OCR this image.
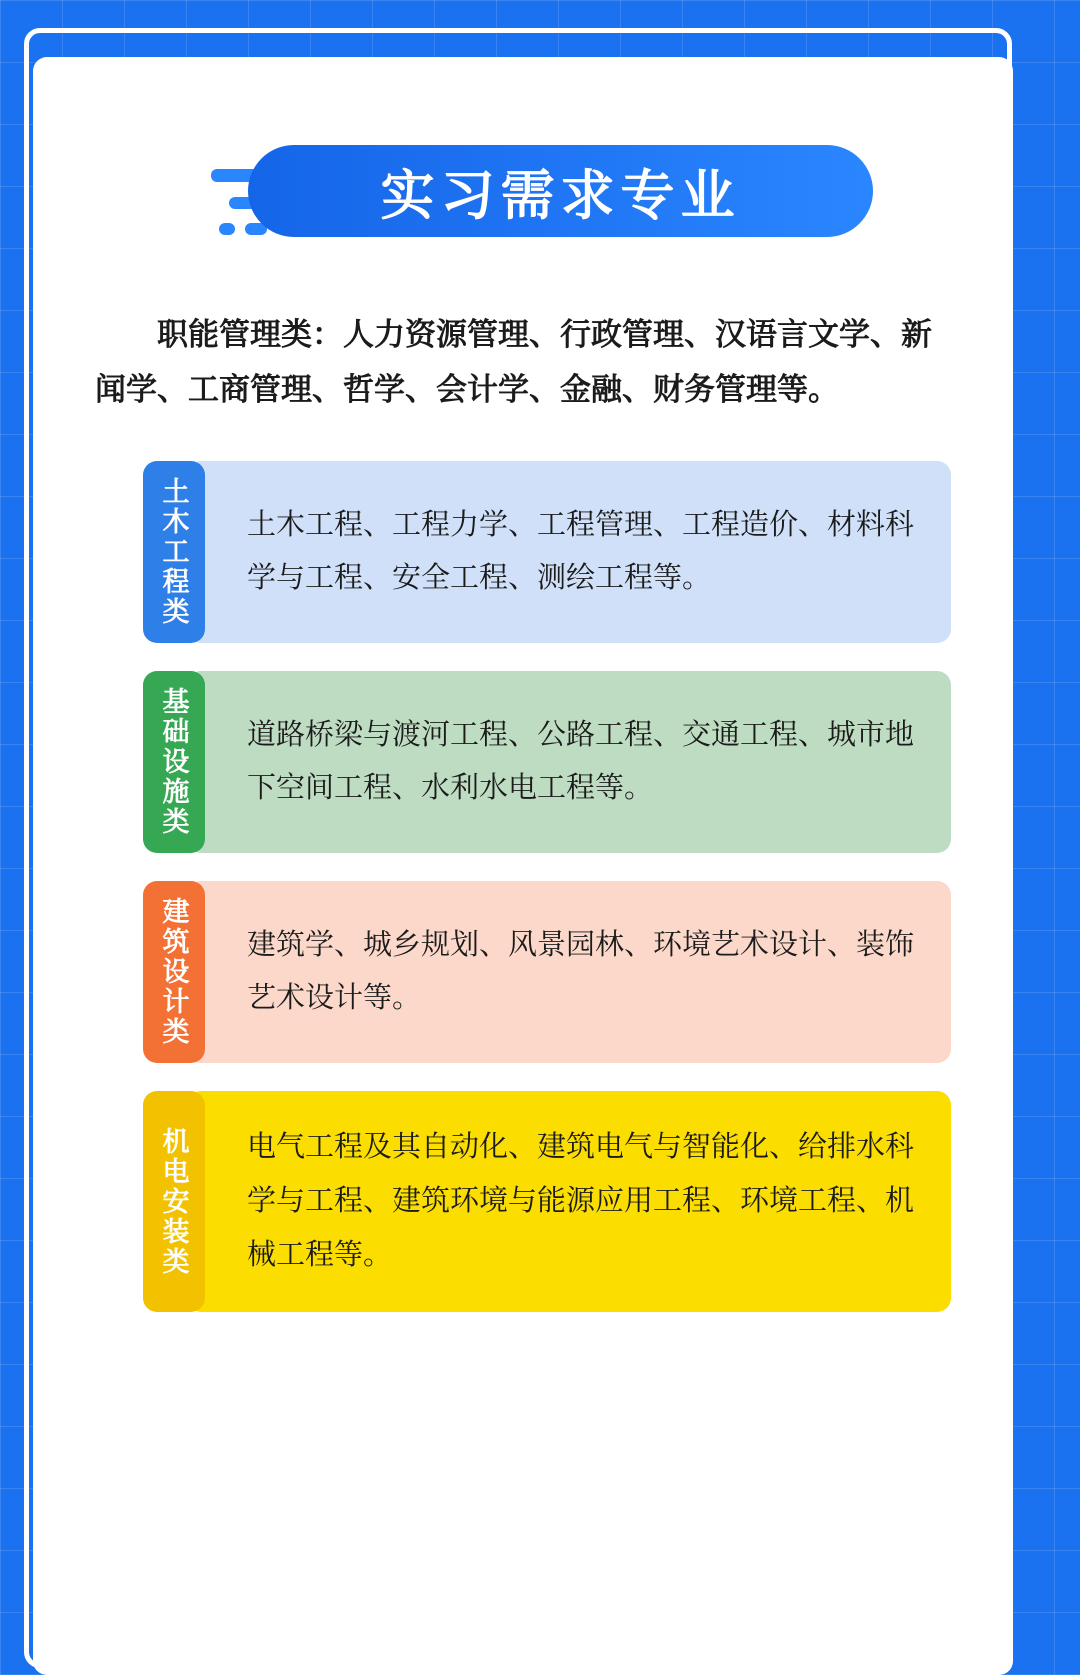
实习需求专业

职能管理类：人力资源管理、行政管理、汉语言文学、新闻学、工商管理、哲学、会计学、金融、财务管理等。

土木工程类	土木工程、工程力学、工程管理、工程造价、材料科学与工程、安全工程、测绘工程等。
基础设施类	道路桥梁与渡河工程、公路工程、交通工程、城市地下空间工程、水利水电工程等。
建筑设计类	建筑学、城乡规划、风景园林、环境艺术设计、装饰艺术设计等。
机电安装类	电气工程及其自动化、建筑电气与智能化、给排水科学与工程、建筑环境与能源应用工程、环境工程、机械工程等。
